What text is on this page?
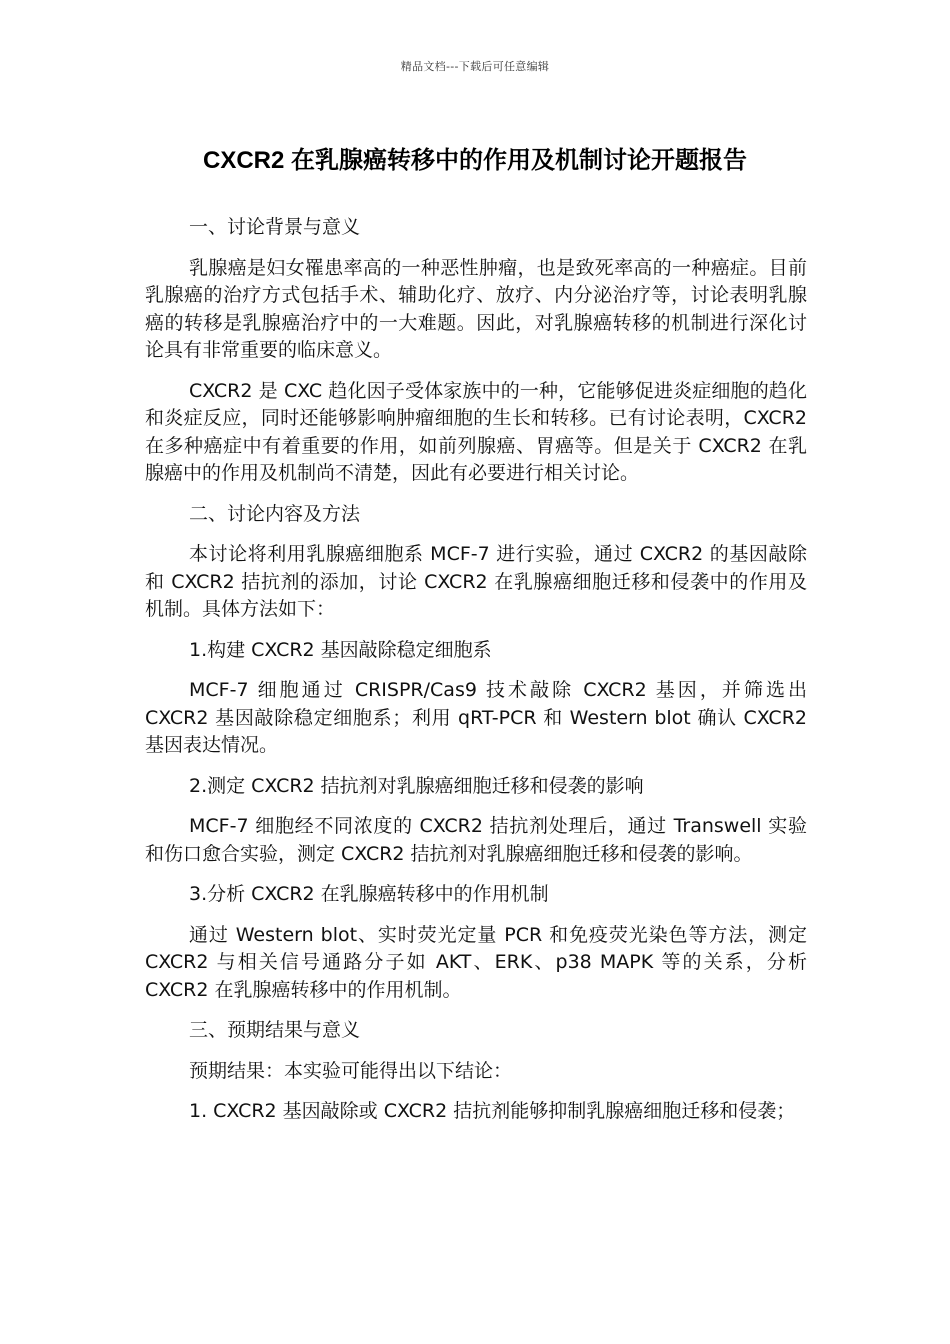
精品文档---下载后可任意编辑
CXCR2 在乳腺癌转移中的作用及机制讨论开题报告

一、讨论背景与意义

乳腺癌是妇女罹患率高的一种恶性肿瘤，也是致死率高的一种癌症。目前乳腺癌的治疗方式包括手术、辅助化疗、放疗、内分泌治疗等，讨论表明乳腺癌的转移是乳腺癌治疗中的一大难题。因此，对乳腺癌转移的机制进行深化讨论具有非常重要的临床意义。

CXCR2 是 CXC 趋化因子受体家族中的一种，它能够促进炎症细胞的趋化和炎症反应，同时还能够影响肿瘤细胞的生长和转移。已有讨论表明，CXCR2 在多种癌症中有着重要的作用，如前列腺癌、胃癌等。但是关于 CXCR2 在乳腺癌中的作用及机制尚不清楚，因此有必要进行相关讨论。

二、讨论内容及方法

本讨论将利用乳腺癌细胞系 MCF-7 进行实验，通过 CXCR2 的基因敲除和 CXCR2 拮抗剂的添加，讨论 CXCR2 在乳腺癌细胞迁移和侵袭中的作用及机制。具体方法如下：

1.构建 CXCR2 基因敲除稳定细胞系

MCF-7 细胞通过 CRISPR/Cas9 技术敲除 CXCR2 基因，并筛选出 CXCR2 基因敲除稳定细胞系；利用 qRT-PCR 和 Western blot 确认 CXCR2 基因表达情况。

2.测定 CXCR2 拮抗剂对乳腺癌细胞迁移和侵袭的影响

MCF-7 细胞经不同浓度的 CXCR2 拮抗剂处理后，通过 Transwell 实验和伤口愈合实验，测定 CXCR2 拮抗剂对乳腺癌细胞迁移和侵袭的影响。

3.分析 CXCR2 在乳腺癌转移中的作用机制

通过 Western blot、实时荧光定量 PCR 和免疫荧光染色等方法，测定 CXCR2 与相关信号通路分子如 AKT、ERK、p38 MAPK 等的关系，分析 CXCR2 在乳腺癌转移中的作用机制。

三、预期结果与意义

预期结果：本实验可能得出以下结论：

1. CXCR2 基因敲除或 CXCR2 拮抗剂能够抑制乳腺癌细胞迁移和侵袭；
